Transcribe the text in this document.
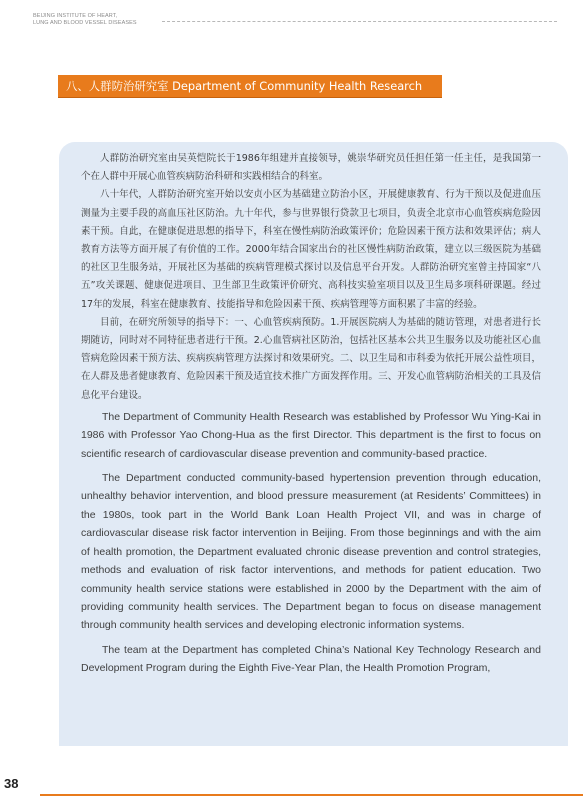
BEIJING INSTITUTE OF HEART,
LUNG AND BLOOD VESSEL DISEASES
八、人群防治研究室 Department of Community Health Research

人群防治研究室由吴英恺院长于1986年组建并直接领导，姚崇华研究员任担任第一任主任，是我国第一个在人群中开展心血管疾病防治科研和实践相结合的科室。

八十年代，人群防治研究室开始以安贞小区为基础建立防治小区，开展健康教育、行为干预以及促进血压测量为主要手段的高血压社区防治。九十年代，参与世界银行贷款卫七项目，负责全北京市心血管疾病危险因素干预。自此，在健康促进思想的指导下，科室在慢性病防治政策评价；危险因素干预方法和效果评估；病人教育方法等方面开展了有价值的工作。2000年结合国家出台的社区慢性病防治政策，建立以三级医院为基础的社区卫生服务站，开展社区为基础的疾病管理模式探讨以及信息平台开发。人群防治研究室曾主持国家“八五”攻关课题、健康促进项目、卫生部卫生政策评价研究、高科技实验室项目以及卫生局多项科研课题。经过17年的发展，科室在健康教育、技能指导和危险因素干预、疾病管理等方面积累了丰富的经验。

目前，在研究所领导的指导下：一、心血管疾病预防。1.开展医院病人为基础的随访管理，对患者进行长期随访，同时对不同特征患者进行干预。2.心血管病社区防治，包括社区基本公共卫生服务以及功能社区心血管病危险因素干预方法、疾病疾病管理方法探讨和效果研究。二、以卫生局和市科委为依托开展公益性项目，在人群及患者健康教育、危险因素干预及适宜技术推广方面发挥作用。三、开发心血管病防治相关的工具及信息化平台建设。

The Department of Community Health Research was established by Professor Wu Ying-Kai in 1986 with Professor Yao Chong-Hua as the first Director. This department is the first to focus on scientific research of cardiovascular disease prevention and community-based practice.

The Department conducted community-based hypertension prevention through education, unhealthy behavior intervention, and blood pressure measurement (at Residents’ Committees) in the 1980s, took part in the World Bank Loan Health Project VII, and was in charge of cardiovascular disease risk factor intervention in Beijing. From those beginnings and with the aim of health promotion, the Department evaluated chronic disease prevention and control strategies, methods and evaluation of risk factor interventions, and methods for patient education. Two community health service stations were established in 2000 by the Department with the aim of providing community health services. The Department began to focus on disease management through community health services and developing electronic information systems.

The team at the Department has completed China’s National Key Technology Research and Development Program during the Eighth Five-Year Plan, the Health Promotion Program,

38
